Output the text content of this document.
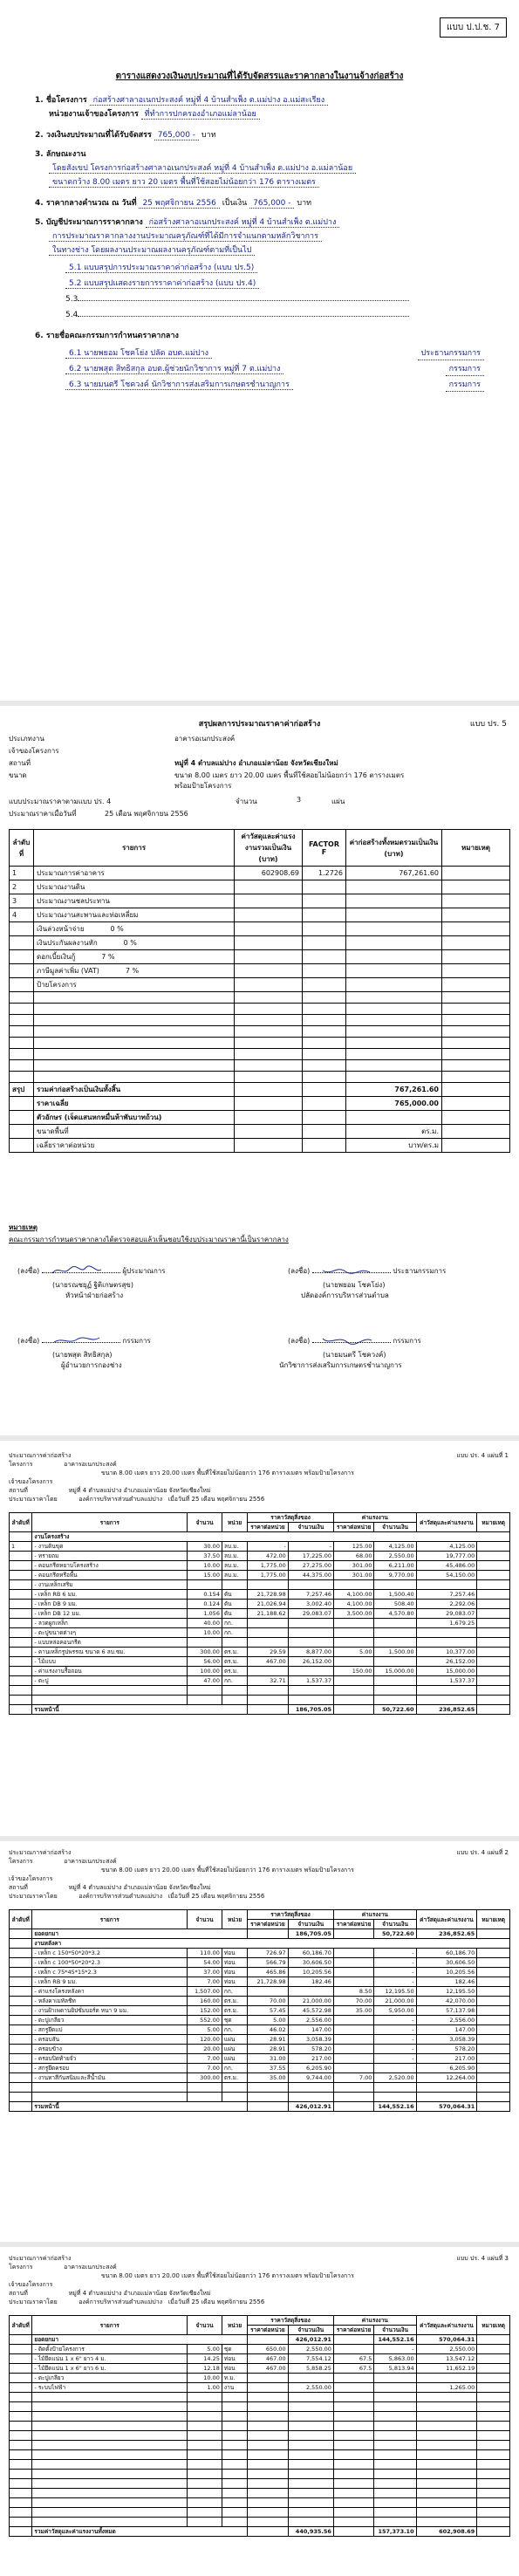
แบบ ป.ป.ช. 7
ตารางแสดงวงเงินงบประมาณที่ได้รับจัดสรรและราคากลางในงานจ้างก่อสร้าง
1. ชื่อโครงการ ก่อสร้างศาลาอเนกประสงค์ หมู่ที่ 4 บ้านสำเพ็ง ต.แม่ปาง อ.แม่สะเรียง
หน่วยงานเจ้าของโครงการ ที่ทำการปกครองอำเภอแม่ลาน้อย
2. วงเงินงบประมาณที่ได้รับจัดสรร 765,000 - บาท
3. ลักษณะงาน
โดยสังเขป โครงการก่อสร้างศาลาอเนกประสงค์ หมู่ที่ 4 บ้านสำเพ็ง ต.แม่ปาง อ.แม่ลาน้อย
ขนาดกว้าง 8.00 เมตร ยาว 20 เมตร พื้นที่ใช้สอยไม่น้อยกว่า 176 ตารางเมตร
4. ราคากลางคำนวณ ณ วันที่ 25 พฤศจิกายน 2556 เป็นเงิน 765,000 - บาท
5. บัญชีประมาณการราคากลาง ก่อสร้างศาลาอเนกประสงค์ หมู่ที่ 4 บ้านสำเพ็ง ต.แม่ปาง
การประมาณราคากลางงานประมาณครุภัณฑ์ที่ได้มีการจำแนกตามหลักวิชาการ
ในทางช่าง โดยผลงานประมาณผลงานครุภัณฑ์ตามที่เป็นไป
5.1 แบบสรุปการประมาณราคาค่าก่อสร้าง (แบบ ปร.5)
5.2 แบบสรุปแสดงรายการราคาค่าก่อสร้าง (แบบ ปร.4)
5.3
5.4
6. รายชื่อคณะกรรมการกำหนดราคากลาง
6.1 นายพยอม โชคโย่ง ปลัด อบต.แม่ปาง	ประธานกรรมการ
6.2 นายพสุต สิทธิสกุล อบต.ผู้ช่วยนักวิชาการ หมู่ที่ 7 ต.แม่ปาง	กรรมการ
6.3 นายมนตรี โชควงค์ นักวิชาการส่งเสริมการเกษตรชำนาญการ	กรรมการ
สรุปผลการประมาณราคาค่าก่อสร้าง	แบบ ปร. 5
ประเภทงาน	อาคารอเนกประสงค์
เจ้าของโครงการ
สถานที่	หมู่ที่ 4 ตำบลแม่ปาง อำเภอแม่ลาน้อย จังหวัดเชียงใหม่
ขนาด	ขนาด 8.00 เมตร ยาว 20.00 เมตร พื้นที่ใช้สอยไม่น้อยกว่า 176 ตารางเมตร
พร้อมป้ายโครงการ
แบบประมาณราคาตามแบบ ปร. 4	จำนวน	3	แผ่น
ประมาณราคาเมื่อวันที่	25 เดือน พฤศจิกายน 2556
ลำดับที่	รายการ	ค่าวัสดุและค่าแรงงานรวมเป็นเงิน (บาท)	FACTOR F	ค่าก่อสร้างทั้งหมดรวมเป็นเงิน (บาท)	หมายเหตุ
1	ประมาณการค่าอาคาร	602908.69	1.2726	767,261.60	
2	ประมาณงานดิน				
3	ประมาณงานชลประทาน				
4	ประมาณงานสะพานและท่อเหลี่ยม				
	เงินล่วงหน้าจ่าย 0 %				
	เงินประกันผลงานหัก 0 %				
	ดอกเบี้ยเงินกู้ 7 %				
	ภาษีมูลค่าเพิ่ม (VAT) 7 %				
	ป้ายโครงการ				

สรุป	รวมค่าก่อสร้างเป็นเงินทั้งสิ้น			767,261.60	
	ราคาเฉลี่ย			765,000.00	
	ตัวอักษร (เจ็ดแสนหกหมื่นห้าพันบาทถ้วน)				
	ขนาดพื้นที่			ตร.ม.	
	เฉลี่ยราคาต่อหน่วย			บาท/ตร.ม	
หมายเหตุ
คณะกรรมการกำหนดราคากลางได้ตรวจสอบแล้วเห็นชอบใช้งบประมาณราคานี้เป็นราคากลาง
(ลงชื่อ)	ผู้ประมาณการ
(นายรณชยุฏ์ ฐิติเกษตรสุข)
หัวหน้าฝ่ายก่อสร้าง
(ลงชื่อ)	ประธานกรรมการ
(นายพยอม โชคโย่ง)
ปลัดองค์การบริหารส่วนตำบล
(ลงชื่อ)	กรรมการ
(นายพสุต สิทธิสกุล)
ผู้อำนวยการกองช่าง
(ลงชื่อ)	กรรมการ
(นายมนตรี โชควงค์)
นักวิชาการส่งเสริมการเกษตรชำนาญการ
แบบ ปร. 4 แผ่นที่ 1
ประมาณการค่าก่อสร้าง
โครงการ	อาคารอเนกประสงค์
ขนาด 8.00 เมตร ยาว 20.00 เมตร พื้นที่ใช้สอยไม่น้อยกว่า 176 ตารางเมตร พร้อมป้ายโครงการ
เจ้าของโครงการ
สถานที่	หมู่ที่ 4 ตำบลแม่ปาง อำเภอแม่ลาน้อย จังหวัดเชียงใหม่
ประมาณราคาโดย	องค์การบริหารส่วนตำบลแม่ปาง เมื่อวันที่ 25 เดือน พฤศจิกายน 2556
ลำดับที่	รายการ	จำนวน	หน่วย	ราคาวัสดุสิ่งของ		ค่าแรงงาน		ค่าวัสดุและค่าแรงงาน	หมายเหตุ
				ราคาต่อหน่วย	จำนวนเงิน	ราคาต่อหน่วย	จำนวนเงิน		
	งานโครงสร้าง								
1	- งานดินขุด	30.00	ลบ.ม.	-	-	125.00	4,125.00	4,125.00	
	- ทรายถม	37.50	ลบ.ม.	472.00	17,225.00	68.00	2,550.00	19,777.00	
	- คอนกรีตหยาบโครงสร้าง	10.00	ลบ.ม.	1,775.00	27,275.00	301.00	6,211.00	45,486.00	
	- คอนกรีตหรือพื้น	15.00	ลบ.ม.	1,775.00	44,375.00	301.00	9,770.00	54,150.00	
	- งานเหล็กเสริม								
	- เหล็ก RB 6 มม.	0.154	ตัน	21,728.98	7,257.46	4,100.00	1,500.40	7,257.46	
	- เหล็ก DB 9 มม.	0.124	ตัน	21,026.94	3,002.40	4,100.00	508.40	2,292.06	
	- เหล็ก DB 12 มม.	1.056	ตัน	21,188.62	29,083.07	3,500.00	4,570.80	29,083.07	
	- ลวดผูกเหล็ก	40.00	กก.					1,679.25	
	- ตะปูขนาดต่างๆ	10.00	กก.						
	- แบบหล่อคอนกรีต								
	- คานเหล็กรูปพรรณ ขนาด 6 ลบ.ซม.	300.00	ตร.ม.	29.59	8,877.00	5.00	1,500.00	10,377.00	
	- ไม้แบบ	56.00	ตร.ม.	467.00	26,152.00			26,152.00	
	- ค่าแรงงานรื้อถอน	100.00	ตร.ม.			150.00	15,000.00	15,000.00	
	- ตะปู	47.00	กก.	32.71	1,537.37			1,537.37	

	รวมหน้านี้				186,705.05		50,722.60	236,852.65	
แบบ ปร. 4 แผ่นที่ 2
ประมาณการค่าก่อสร้าง
โครงการ	อาคารอเนกประสงค์
ขนาด 8.00 เมตร ยาว 20.00 เมตร พื้นที่ใช้สอยไม่น้อยกว่า 176 ตารางเมตร พร้อมป้ายโครงการ
เจ้าของโครงการ
สถานที่	หมู่ที่ 4 ตำบลแม่ปาง อำเภอแม่ลาน้อย จังหวัดเชียงใหม่
ประมาณราคาโดย	องค์การบริหารส่วนตำบลแม่ปาง เมื่อวันที่ 25 เดือน พฤศจิกายน 2556
ลำดับที่	รายการ	จำนวน	หน่วย	ราคาวัสดุสิ่งของ		ค่าแรงงาน		ค่าวัสดุและค่าแรงงาน	หมายเหตุ
				ราคาต่อหน่วย	จำนวนเงิน	ราคาต่อหน่วย	จำนวนเงิน		
	ยอดยกมา				186,705.05		50,722.60	236,852.65	
	งานหลังคา								
	- เหล็ก c 150*50*20*3.2	110.00	ท่อน	726.97	60,186.70		-	60,186.70	
	- เหล็ก c 100*50*20*2.3	54.00	ท่อน	566.79	30,606.50		-	30,606.50	
	- เหล็ก c 75*45*15*2.3	37.00	ท่อน	465.86	10,205.56		-	10,205.56	
	- เหล็ก RB 9 มม.	7.00	ท่อน	21,728.98	182.46		-	182.46	
	- ค่าแรงโครงหลังคา	1,507.00	กก.			8.50	12,195.50	12,195.50	
	- หลังคาเมทัลชีท	160.00	ตร.ม.	70.00	21,000.00	70.00	21,000.00	42,070.00	
	- งานฝ้าเพดานยิปซั่มบอร์ด หนา 9 มม.	152.00	ตร.ม.	57.45	45,572.98	35.00	5,950.00	57,137.98	
	- ตะปูเกลียว	552.00	ชุด	5.00	2,556.00		-	2,556.00	
	- สกรูยึดแป	5.00	กก.	46.02	147.00		-	147.00	
	- ครอบสัน	120.00	แผ่น	28.91	3,058.39		-	3,058.39	
	- ครอบข้าง	20.00	แผ่น	28.91	578.20		-	578.20	
	- ครอบปิดท้ายจั่ว	7.00	แผ่น	31.00	217.00		-	217.00	
	- สกรูยึดครอบ	7.00	กก.	37.55	6,205.90			6,205.90	
	- งานทาสีกันสนิมและสีน้ำมัน	300.00	ตร.ม.	35.00	9,744.00	7.00	2,520.00	12,264.00	

	รวมหน้านี้				426,012.91		144,552.16	570,064.31	
แบบ ปร. 4 แผ่นที่ 3
ประมาณการค่าก่อสร้าง
โครงการ	อาคารอเนกประสงค์
ขนาด 8.00 เมตร ยาว 20.00 เมตร พื้นที่ใช้สอยไม่น้อยกว่า 176 ตารางเมตร พร้อมป้ายโครงการ
เจ้าของโครงการ
สถานที่	หมู่ที่ 4 ตำบลแม่ปาง อำเภอแม่ลาน้อย จังหวัดเชียงใหม่
ประมาณราคาโดย	องค์การบริหารส่วนตำบลแม่ปาง เมื่อวันที่ 25 เดือน พฤศจิกายน 2556
ลำดับที่	รายการ	จำนวน	หน่วย	ราคาวัสดุสิ่งของ		ค่าแรงงาน		ค่าวัสดุและค่าแรงงาน	หมายเหตุ
				ราคาต่อหน่วย	จำนวนเงิน	ราคาต่อหน่วย	จำนวนเงิน		
	ยอดยกมา				426,012.91		144,552.16	570,064.31	
	- ติดตั้งป้ายโครงการ	5.00	ชุด	650.00	2,550.00		-	2,550.00	
	- ไม้ยึดแน่น 1 x 6" ยาว 4 ม.	14.25	ท่อน	467.00	7,554.12	67.5	5,863.00	13,547.12	
	- ไม้ยึดแน่น 1 x 6" ยาว 6 ม.	12.18	ท่อน	467.00	5,858.25	67.5	5,813.94	11,652.19	
	- ตะปูเกลียว	10.00	ท.ม.						
	- ระบบไฟฟ้า	1.00	งาน		2,550.00			1,265.00	

	รวมค่าวัสดุและค่าแรงงานทั้งหมด				440,935.56		157,373.10	602,908.69	
